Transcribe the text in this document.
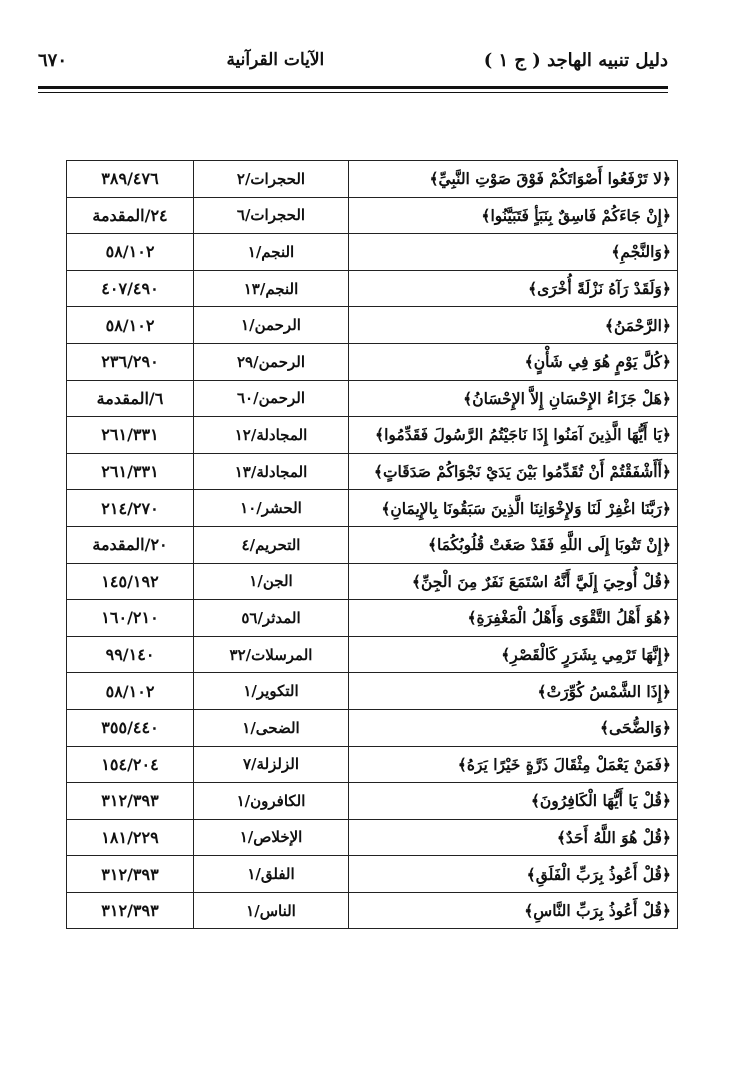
دليل تنبيه الهاجد ( ج ١ )
الآيات القرآنية
٦٧٠
﴿لا تَرْفَعُوا أَصْوَاتَكُمْ فَوْقَ صَوْتِ النَّبِيِّ﴾	الحجرات/٢	٣٨٩/٤٧٦
﴿إِنْ جَاءَكُمْ فَاسِقٌ بِنَبَأٍ فَتَبَيَّنُوا﴾	الحجرات/٦	٢٤/المقدمة
﴿وَالنَّجْمِ﴾	النجم/١	٥٨/١٠٢
﴿وَلَقَدْ رَآهُ نَزْلَةً أُخْرَى﴾	النجم/١٣	٤٠٧/٤٩٠
﴿الرَّحْمَنُ﴾	الرحمن/١	٥٨/١٠٢
﴿كُلَّ يَوْمٍ هُوَ فِي شَأْنٍ﴾	الرحمن/٢٩	٢٣٦/٢٩٠
﴿هَلْ جَزَاءُ الإِحْسَانِ إِلاَّ الإِحْسَانُ﴾	الرحمن/٦٠	٦/المقدمة
﴿يَا أَيُّهَا الَّذِينَ آمَنُوا إِذَا نَاجَيْتُمُ الرَّسُولَ فَقَدِّمُوا﴾	المجادلة/١٢	٢٦١/٣٣١
﴿أَأَشْفَقْتُمْ أَنْ تُقَدِّمُوا بَيْنَ يَدَيْ نَجْوَاكُمْ صَدَقَاتٍ﴾	المجادلة/١٣	٢٦١/٣٣١
﴿رَبَّنَا اغْفِرْ لَنَا وَلإِخْوَانِنَا الَّذِينَ سَبَقُونَا بِالإِيمَانِ﴾	الحشر/١٠	٢١٤/٢٧٠
﴿إِنْ تَتُوبَا إِلَى اللَّهِ فَقَدْ صَغَتْ قُلُوبُكُمَا﴾	التحريم/٤	٢٠/المقدمة
﴿قُلْ أُوحِيَ إِلَيَّ أَنَّهُ اسْتَمَعَ نَفَرٌ مِنَ الْجِنِّ﴾	الجن/١	١٤٥/١٩٢
﴿هُوَ أَهْلُ التَّقْوَى وَأَهْلُ الْمَغْفِرَةِ﴾	المدثر/٥٦	١٦٠/٢١٠
﴿إِنَّهَا تَرْمِي بِشَرَرٍ كَالْقَصْرِ﴾	المرسلات/٣٢	٩٩/١٤٠
﴿إِذَا الشَّمْسُ كُوِّرَتْ﴾	التكوير/١	٥٨/١٠٢
﴿وَالضُّحَى﴾	الضحى/١	٣٥٥/٤٤٠
﴿فَمَنْ يَعْمَلْ مِثْقَالَ ذَرَّةٍ خَيْرًا يَرَهُ﴾	الزلزلة/٧	١٥٤/٢٠٤
﴿قُلْ يَا أَيُّهَا الْكَافِرُونَ﴾	الكافرون/١	٣١٢/٣٩٣
﴿قُلْ هُوَ اللَّهُ أَحَدٌ﴾	الإخلاص/١	١٨١/٢٢٩
﴿قُلْ أَعُوذُ بِرَبِّ الْفَلَقِ﴾	الفلق/١	٣١٢/٣٩٣
﴿قُلْ أَعُوذُ بِرَبِّ النَّاسِ﴾	الناس/١	٣١٢/٣٩٣
